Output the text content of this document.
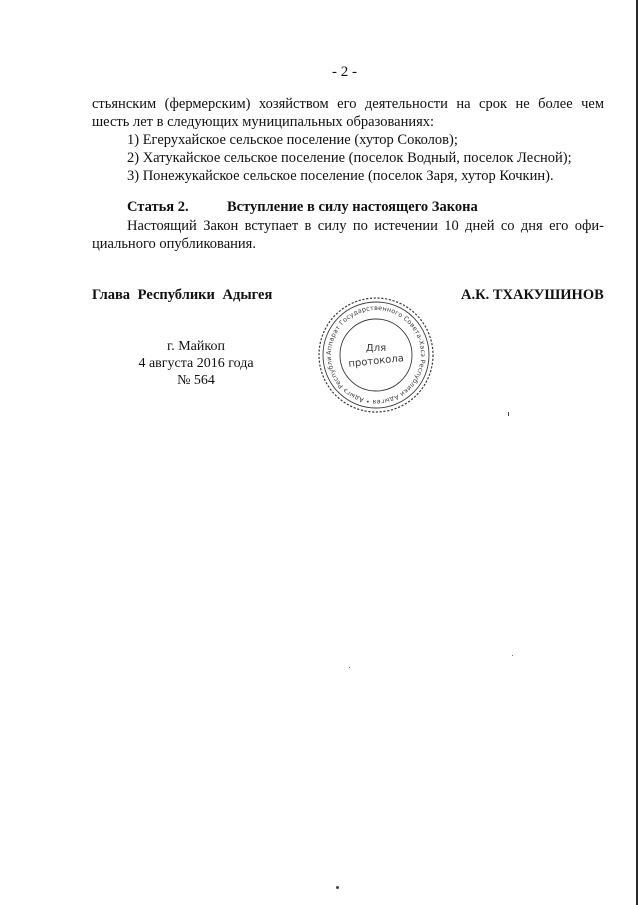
- 2 -
стьянским (фермерским) хозяйством его деятельности на срок не более чем
шесть лет в следующих муниципальных образованиях:
1) Егерухайское сельское поселение (хутор Соколов);
2) Хатукайское сельское поселение (поселок Водный, поселок Лесной);
3) Понежукайское сельское поселение (поселок Заря, хутор Кочкин).
Статья 2.	Вступление в силу настоящего Закона
Настоящий Закон вступает в силу по истечении 10 дней со дня его офи-
циального опубликования.
Глава Республики Адыгея	А.К. ТХАКУШИНОВ
г. Майкоп
4 августа 2016 года
№ 564
Аппарат Государственного Совета-Хасэ Республики Адыгея • Адыгэ Республи
Для
протокола
